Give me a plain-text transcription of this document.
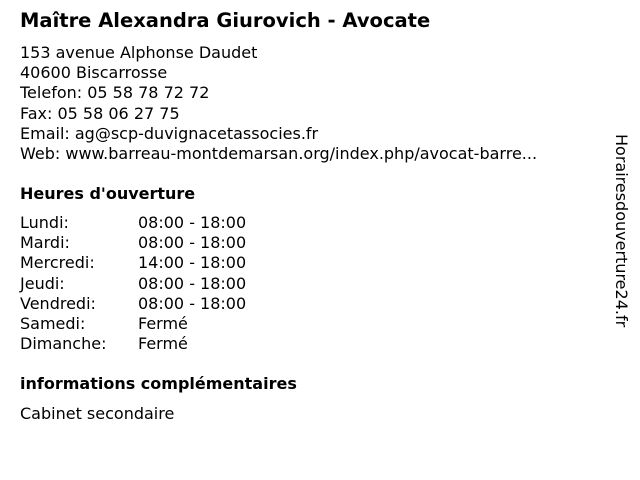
Maître Alexandra Giurovich - Avocate
153 avenue Alphonse Daudet
40600 Biscarrosse
Telefon: 05 58 78 72 72
Fax: 05 58 06 27 75
Email: ag@scp-duvignacetassocies.fr
Web: www.barreau-montdemarsan.org/index.php/avocat-barre...
Heures d'ouverture
Lundi:	08:00 - 18:00
Mardi:	08:00 - 18:00
Mercredi:	14:00 - 18:00
Jeudi:	08:00 - 18:00
Vendredi:	08:00 - 18:00
Samedi:	Fermé
Dimanche: Fermé
informations complémentaires
Cabinet secondaire
Horairesdouverture24.fr
